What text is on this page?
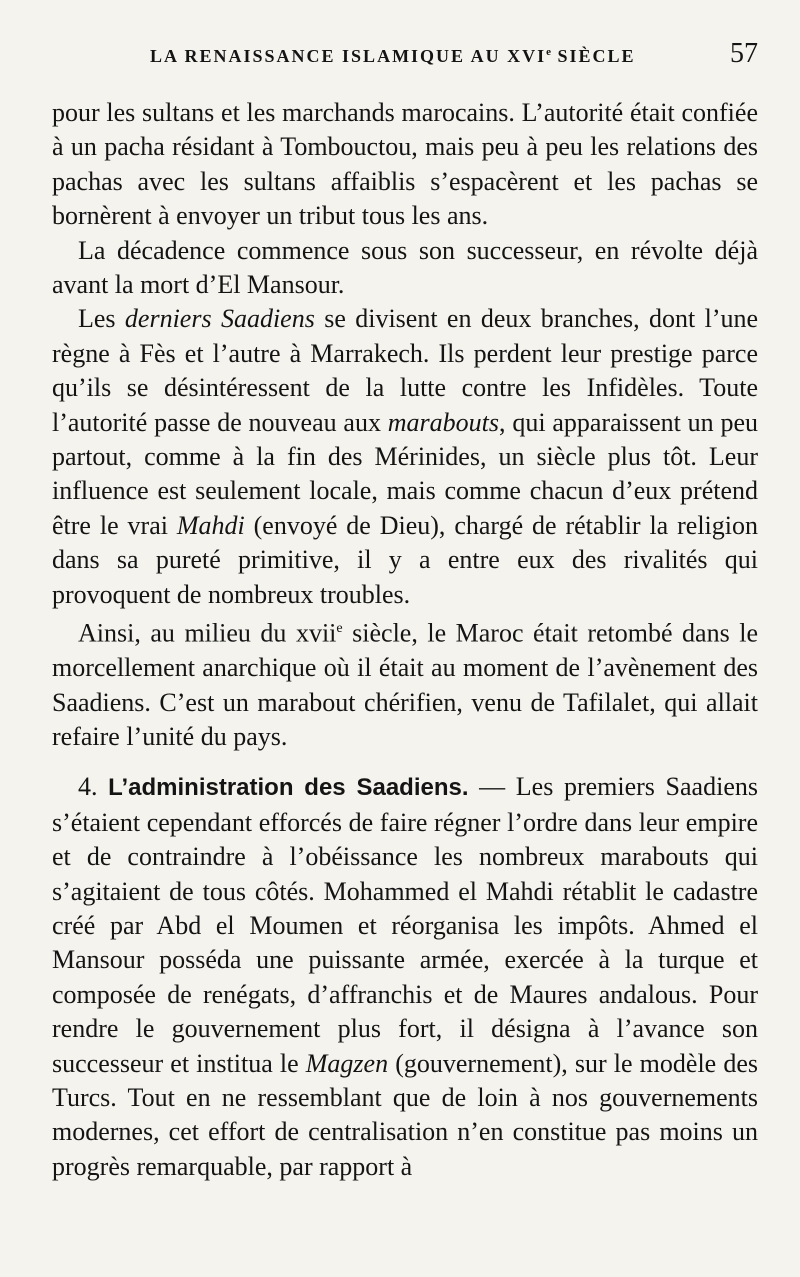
LA RENAISSANCE ISLAMIQUE AU XVIe SIÈCLE	57

pour les sultans et les marchands marocains. L’autorité était confiée à un pacha résidant à Tombouctou, mais peu à peu les relations des pachas avec les sultans affaiblis s’espacèrent et les pachas se bornèrent à envoyer un tribut tous les ans.

La décadence commence sous son successeur, en révolte déjà avant la mort d’El Mansour.

Les derniers Saadiens se divisent en deux branches, dont l’une règne à Fès et l’autre à Marrakech. Ils perdent leur prestige parce qu’ils se désintéressent de la lutte contre les Infidèles. Toute l’autorité passe de nouveau aux marabouts, qui apparaissent un peu partout, comme à la fin des Mérinides, un siècle plus tôt. Leur influence est seulement locale, mais comme chacun d’eux prétend être le vrai Mahdi (envoyé de Dieu), chargé de rétablir la religion dans sa pureté primitive, il y a entre eux des rivalités qui provoquent de nombreux troubles.

Ainsi, au milieu du xvii$^e$ siècle, le Maroc était retombé dans le morcellement anarchique où il était au moment de l’avènement des Saadiens. C’est un marabout chérifien, venu de Tafilalet, qui allait refaire l’unité du pays.

4. L’administration des Saadiens. — Les premiers Saadiens s’étaient cependant efforcés de faire régner l’ordre dans leur empire et de contraindre à l’obéissance les nombreux marabouts qui s’agitaient de tous côtés. Mohammed el Mahdi rétablit le cadastre créé par Abd el Moumen et réorganisa les impôts. Ahmed el Mansour posséda une puissante armée, exercée à la turque et composée de renégats, d’affranchis et de Maures andalous. Pour rendre le gouvernement plus fort, il désigna à l’avance son successeur et institua le Magzen (gouvernement), sur le modèle des Turcs. Tout en ne ressemblant que de loin à nos gouvernements modernes, cet effort de centralisation n’en constitue pas moins un progrès remarquable, par rapport à
